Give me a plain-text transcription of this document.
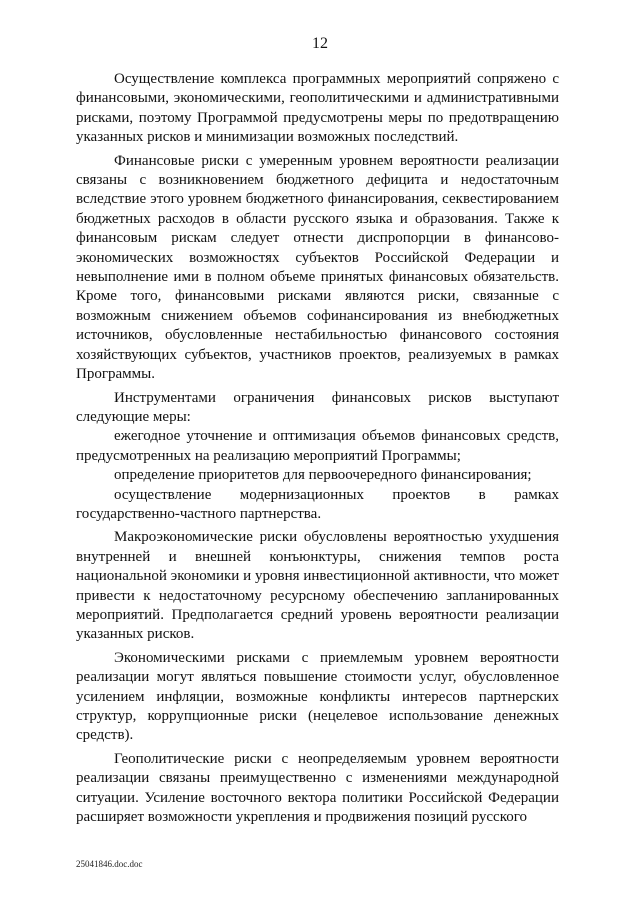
12

Осуществление комплекса программных мероприятий сопряжено с финансовыми, экономическими, геополитическими и административными рисками, поэтому Программой предусмотрены меры по предотвращению указанных рисков и минимизации возможных последствий.

Финансовые риски с умеренным уровнем вероятности реализации связаны с возникновением бюджетного дефицита и недостаточным вследствие этого уровнем бюджетного финансирования, секвестированием бюджетных расходов в области русского языка и образования. Также к финансовым рискам следует отнести диспропорции в финансово-экономических возможностях субъектов Российской Федерации и невыполнение ими в полном объеме принятых финансовых обязательств. Кроме того, финансовыми рисками являются риски, связанные с возможным снижением объемов софинансирования из внебюджетных источников, обусловленные нестабильностью финансового состояния хозяйствующих субъектов, участников проектов, реализуемых в рамках Программы.

Инструментами ограничения финансовых рисков выступают следующие меры:

ежегодное уточнение и оптимизация объемов финансовых средств, предусмотренных на реализацию мероприятий Программы;

определение приоритетов для первоочередного финансирования;

осуществление модернизационных проектов в рамках государственно-частного партнерства.

Макроэкономические риски обусловлены вероятностью ухудшения внутренней и внешней конъюнктуры, снижения темпов роста национальной экономики и уровня инвестиционной активности, что может привести к недостаточному ресурсному обеспечению запланированных мероприятий. Предполагается средний уровень вероятности реализации указанных рисков.

Экономическими рисками с приемлемым уровнем вероятности реализации могут являться повышение стоимости услуг, обусловленное усилением инфляции, возможные конфликты интересов партнерских структур, коррупционные риски (нецелевое использование денежных средств).

Геополитические риски с неопределяемым уровнем вероятности реализации связаны преимущественно с изменениями международной ситуации. Усиление восточного вектора политики Российской Федерации расширяет возможности укрепления и продвижения позиций русского

25041846.doc.doc
